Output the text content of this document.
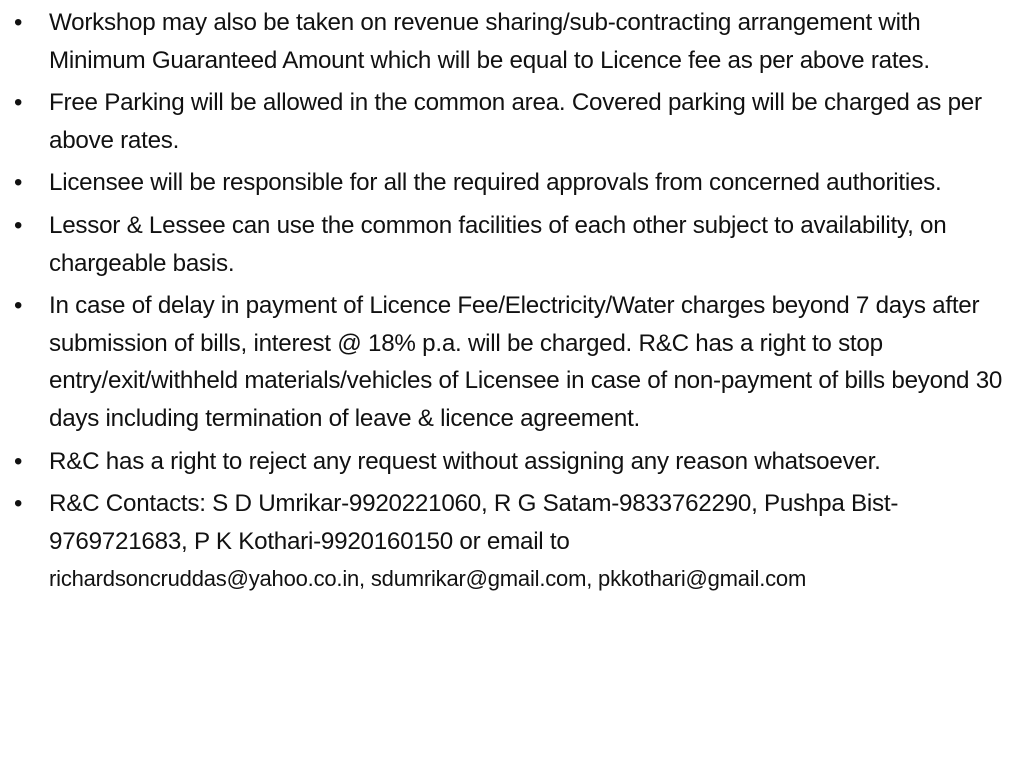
•	Workshop may also be taken on revenue sharing/sub-contracting arrangement with Minimum Guaranteed Amount which will be equal to Licence fee as per above rates.
•	Free Parking will be allowed in the common area. Covered parking will be charged as per above rates.
•	Licensee will be responsible for all the required approvals from concerned authorities.
•	Lessor & Lessee can use the common facilities of each other subject to availability, on chargeable basis.
•	In case of delay in payment of Licence Fee/Electricity/Water charges beyond 7 days after submission of bills, interest @ 18% p.a. will be charged. R&C has a right to stop entry/exit/withheld materials/vehicles of Licensee in case of non-payment of bills beyond 30 days including termination of leave & licence agreement.
•	R&C has a right to reject any request without assigning any reason whatsoever.
•	R&C Contacts: S D Umrikar-9920221060, R G Satam-9833762290, Pushpa Bist-9769721683, P K Kothari-9920160150 or email to
richardsoncruddas@yahoo.co.in, sdumrikar@gmail.com, pkkothari@gmail.com
